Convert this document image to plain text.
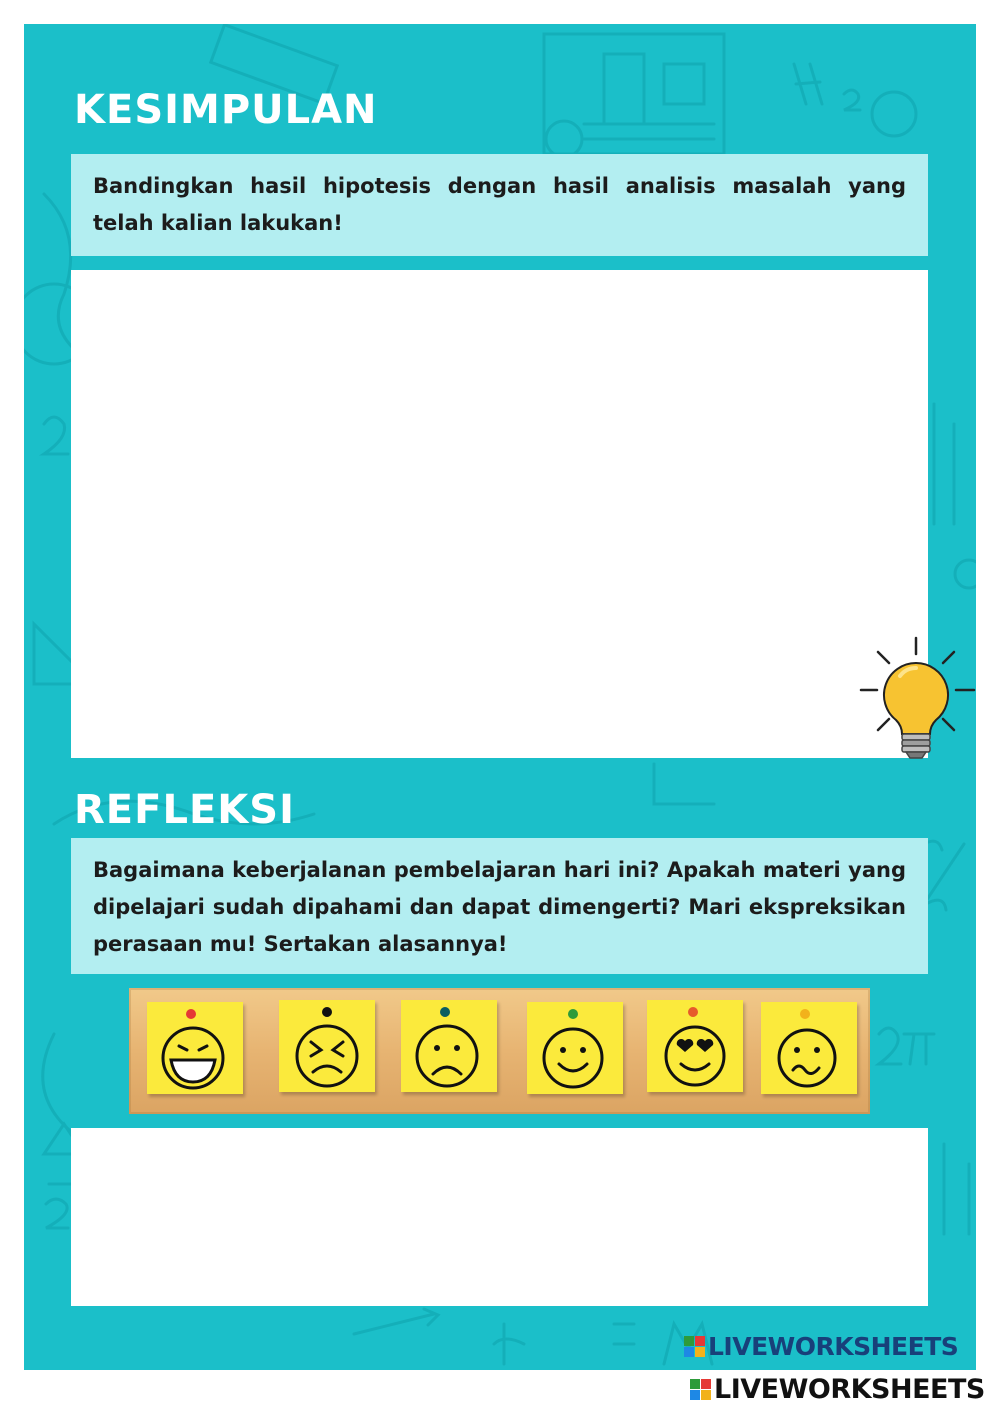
KESIMPULAN
Bandingkan hasil hipotesis dengan hasil analisis masalah yang telah kalian lakukan!
REFLEKSI
Bagaimana keberjalanan pembelajaran hari ini? Apakah materi yang dipelajari sudah dipahami dan dapat dimengerti? Mari ekspreksikan perasaan mu! Sertakan alasannya!
LIVEWORKSHEETS
LIVEWORKSHEETS
